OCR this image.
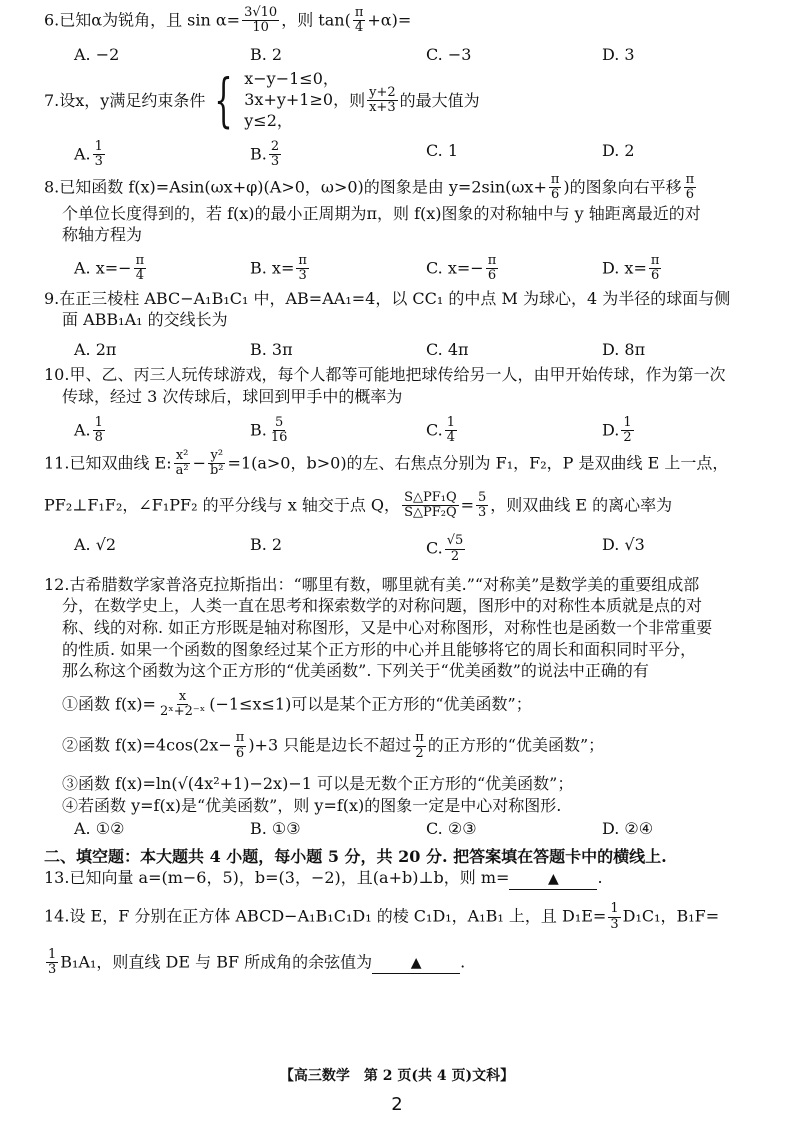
6.已知α为锐角，且 $\sin \alpha= \frac{3√10}{10}$ ，则 $\tan( \frac{\pi}{4} +\alpha)=$
A. −2	B. 2	C. −3	D. 3
7.设x，y满足约束条件 { x−y−1≤0，
3x+y+1≥0，
y≤2，
则 $\frac{y+2}{x+3}$ 的最大值为
A. $\frac{1}{3}$	B. $\frac{2}{3}$	C. 1	D. 2
8.已知函数 f(x)=Asin(ωx+φ)(A>0，ω>0)的图象是由 $y=2\sin(\omega x+ \frac{\pi}{6}$ )的图象向右平移 $\frac{\pi}{6}$
个单位长度得到的，若 f(x)的最小正周期为π，则 f(x)图象的对称轴中与 y 轴距离最近的对
称轴方程为
A. $x=- \frac{\pi}{4}$	B. $x= \frac{\pi}{3}$	C. $x=- \frac{\pi}{6}$	D. $x= \frac{\pi}{6}$
9.在正三棱柱 ABC−A₁B₁C₁ 中，AB=AA₁=4，以 CC₁ 的中点 M 为球心，4 为半径的球面与侧
面 ABB₁A₁ 的交线长为
A. 2π	B. 3π	C. 4π	D. 8π
10.甲、乙、丙三人玩传球游戏，每个人都等可能地把球传给另一人，由甲开始传球，作为第一次
传球，经过 3 次传球后，球回到甲手中的概率为
A. $\frac{1}{8}$	B. $\frac{5}{16}$	C. $\frac{1}{4}$	D. $\frac{1}{2}$
11.已知双曲线 E: $\frac{\text{x²}}{\text{a²}} - \frac{\text{y²}}{\text{b²}} =1(a>0$，b>0)的左、右焦点分别为 F₁，F₂，P 是双曲线 E 上一点，
PF₂⊥F₁F₂，∠F₁PF₂ 的平分线与 x 轴交于点 Q， $\frac{\text{S△PF₁Q}}{\text{S△PF₂Q}} = \frac{5}{3}$ ，则双曲线 E 的离心率为
A. √2	B. 2	C. $\frac{√5}{2}$	D. √3
12.古希腊数学家普洛克拉斯指出：“哪里有数，哪里就有美.”“对称美”是数学美的重要组成部
分，在数学史上，人类一直在思考和探索数学的对称问题，图形中的对称性本质就是点的对
称、线的对称. 如正方形既是轴对称图形，又是中心对称图形，对称性也是函数一个非常重要
的性质. 如果一个函数的图象经过某个正方形的中心并且能够将它的周长和面积同时平分，
那么称这个函数为这个正方形的“优美函数”. 下列关于“优美函数”的说法中正确的有
①函数 $f(x)= \frac{x}{\text{2ˣ+2⁻ˣ}} (-1\le x\le 1)$可以是某个正方形的“优美函数”；
②函数 $f(x)=4\cos(2x- \frac{\pi}{6} )+3$ 只能是边长不超过 $\frac{\pi}{2}$ 的正方形的“优美函数”；
③函数 f(x)=ln(√(4x²+1)−2x)−1 可以是无数个正方形的“优美函数”；
④若函数 y=f(x)是“优美函数”，则 y=f(x)的图象一定是中心对称图形.
A. ①②	B. ①③	C. ②③	D. ②④
二、填空题：本大题共 4 小题，每小题 5 分，共 20 分. 把答案填在答题卡中的横线上.
13.已知向量 a=(m−6，5)，b=(3，−2)，且(a+b)⊥b，则 m=	▲ .
14.设 E，F 分别在正方体 ABCD−A₁B₁C₁D₁ 的棱 C₁D₁，A₁B₁ 上，且 $D_1E= \frac{1}{3} D_1C_1$，B₁F=
$\frac{1}{3} B_1A_1$，则直线 DE 与 BF 所成角的余弦值为	▲ .
【高三数学　第 2 页(共 4 页)文科】
2
